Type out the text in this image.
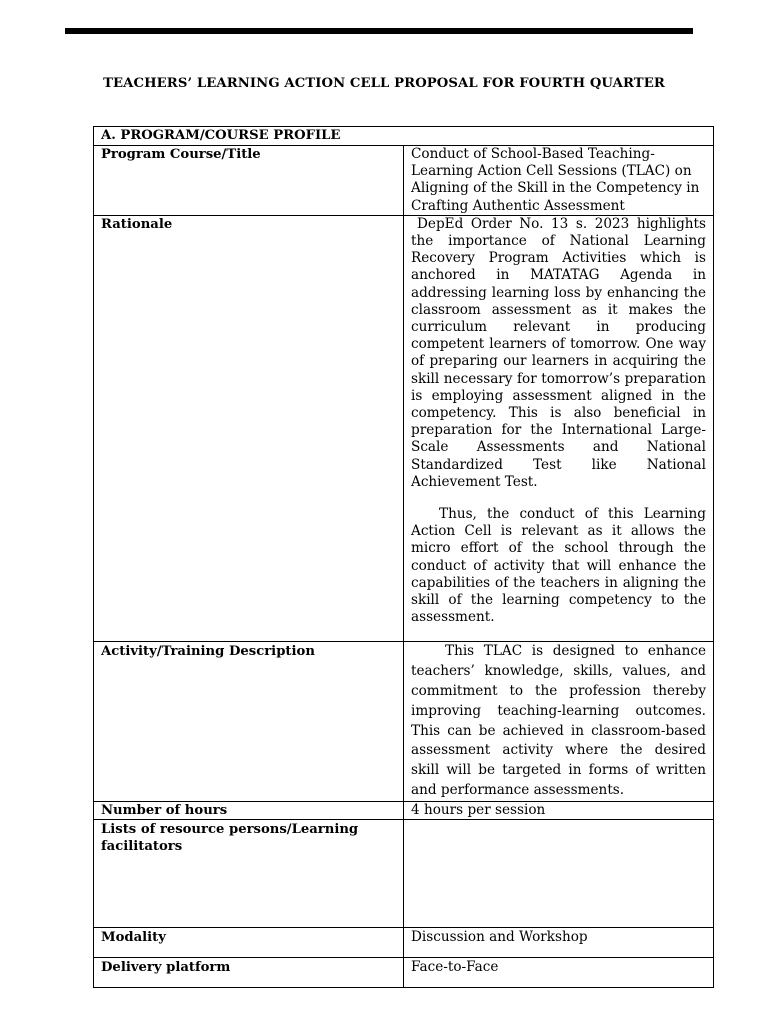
TEACHERS’ LEARNING ACTION CELL PROPOSAL FOR FOURTH QUARTER
A. PROGRAM/COURSE PROFILE	
Program Course/Title	Conduct of School-Based Teaching-Learning Action Cell Sessions (TLAC) on Aligning of the Skill in the Competency in Crafting Authentic Assessment
Rationale	DepEd Order No. 13 s. 2023 highlights the importance of National Learning Recovery Program Activities which is anchored in MATATAG Agenda in addressing learning loss by enhancing the classroom assessment as it makes the curriculum relevant in producing competent learners of tomorrow. One way of preparing our learners in acquiring the skill necessary for tomorrow’s preparation is employing assessment aligned in the competency. This is also beneficial in preparation for the International Large-Scale Assessments and National Standardized Test like National Achievement Test.
Thus, the conduct of this Learning Action Cell is relevant as it allows the micro effort of the school through the conduct of activity that will enhance the capabilities of the teachers in aligning the skill of the learning competency to the assessment.

Activity/Training Description	This TLAC is designed to enhance teachers’ knowledge, skills, values, and commitment to the profession thereby improving teaching-learning outcomes. This can be achieved in classroom-based assessment activity where the desired skill will be targeted in forms of written and performance assessments.

Number of hours	4 hours per session
Lists of resource persons/Learning facilitators	
Modality	Discussion and Workshop
Delivery platform	Face-to-Face
